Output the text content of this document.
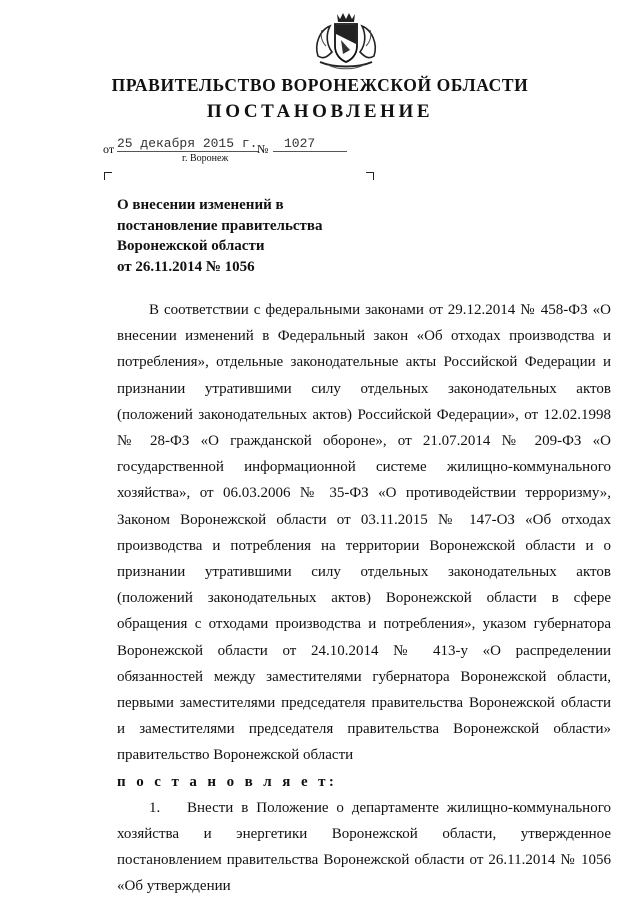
ПРАВИТЕЛЬСТВО ВОРОНЕЖСКОЙ ОБЛАСТИ
ПОСТАНОВЛЕНИЕ
от 25 декабря 2015 г. № 1027
г. Воронеж
О внесении изменений в
постановление правительства
Воронежской области
от 26.11.2014 № 1056

В соответствии с федеральными законами от 29.12.2014 № 458-ФЗ «О внесении изменений в Федеральный закон «Об отходах производства и потребления», отдельные законодательные акты Российской Федерации и признании утратившими силу отдельных законодательных актов (положений законодательных актов) Российской Федерации», от 12.02.1998 № 28-ФЗ «О гражданской обороне», от 21.07.2014 № 209-ФЗ «О государственной информационной системе жилищно-коммунального хозяйства», от 06.03.2006 № 35-ФЗ «О противодействии терроризму», Законом Воронежской области от 03.11.2015 № 147-ОЗ «Об отходах производства и потребления на территории Воронежской области и о признании утратившими силу отдельных законодательных актов (положений законодательных актов) Воронежской области в сфере обращения с отходами производства и потребления», указом губернатора Воронежской области от 24.10.2014 № 413-у «О распределении обязанностей между заместителями губернатора Воронежской области, первыми заместителями председателя правительства Воронежской области и заместителями председателя правительства Воронежской области» правительство Воронежской области

п о с т а н о в л я е т:

1. Внести в Положение о департаменте жилищно-коммунального хозяйства и энергетики Воронежской области, утвержденное постановлением правительства Воронежской области от 26.11.2014 № 1056 «Об утверждении
